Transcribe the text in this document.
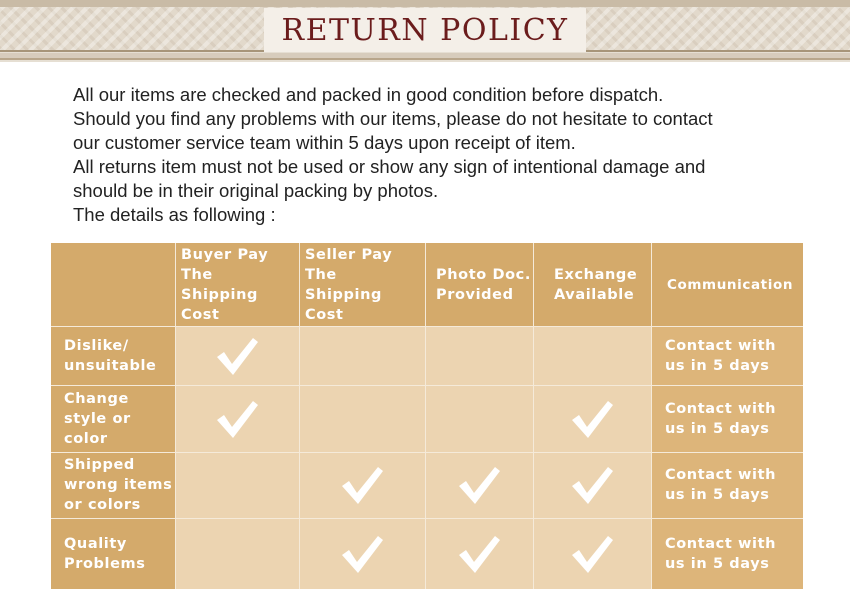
RETURN POLICY

All our items are checked and packed in good condition before dispatch.

Should you find any problems with our items, please do not hesitate to contact

our customer service team within 5 days upon receipt of item.

All returns item must not be used or show any sign of intentional damage and

should be in their original packing by photos.

The details as following :

Buyer Pay The
Shipping Cost
Seller Pay The
Shipping Cost
Photo Doc.
Provided
Exchange
Available
Communication
Dislike/
unsuitable
Contact with
us in 5 days
Change
style or color
Contact with
us in 5 days
Shipped
wrong items
or colors
Contact with
us in 5 days
Quality
Problems
Contact with
us in 5 days
